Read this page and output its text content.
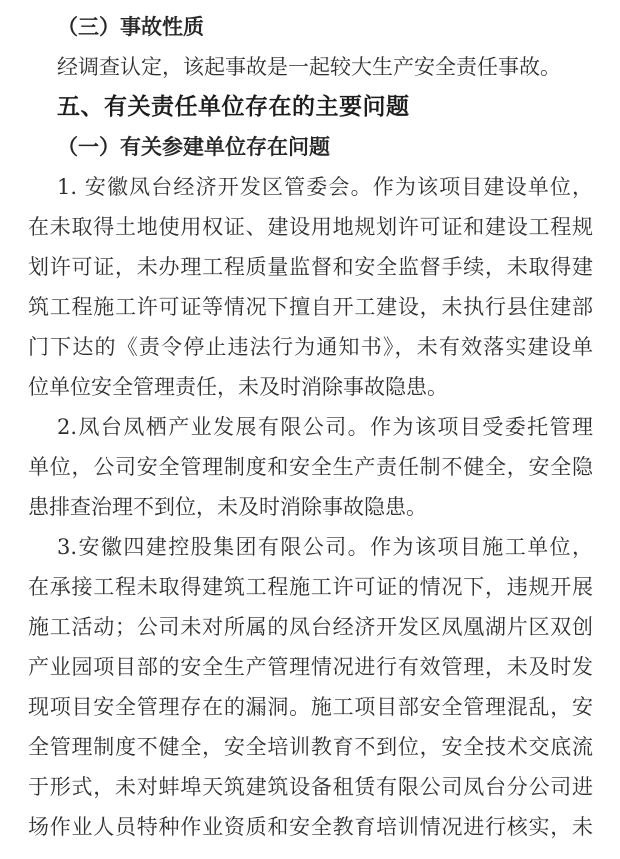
（三）事故性质
经调查认定，该起事故是一起较大生产安全责任事故。
五、有关责任单位存在的主要问题
（一）有关参建单位存在问题
1. 安徽凤台经济开发区管委会。作为该项目建设单位，
在未取得土地使用权证、建设用地规划许可证和建设工程规
划许可证，未办理工程质量监督和安全监督手续，未取得建
筑工程施工许可证等情况下擅自开工建设，未执行县住建部
门下达的《责令停止违法行为通知书》，未有效落实建设单
位单位安全管理责任，未及时消除事故隐患。
2.凤台凤栖产业发展有限公司。作为该项目受委托管理
单位，公司安全管理制度和安全生产责任制不健全，安全隐
患排查治理不到位，未及时消除事故隐患。
3.安徽四建控股集团有限公司。作为该项目施工单位，
在承接工程未取得建筑工程施工许可证的情况下，违规开展
施工活动；公司未对所属的凤台经济开发区凤凰湖片区双创
产业园项目部的安全生产管理情况进行有效管理，未及时发
现项目安全管理存在的漏洞。施工项目部安全管理混乱，安
全管理制度不健全，安全培训教育不到位，安全技术交底流
于形式，未对蚌埠天筑建筑设备租赁有限公司凤台分公司进
场作业人员特种作业资质和安全教育培训情况进行核实，未
